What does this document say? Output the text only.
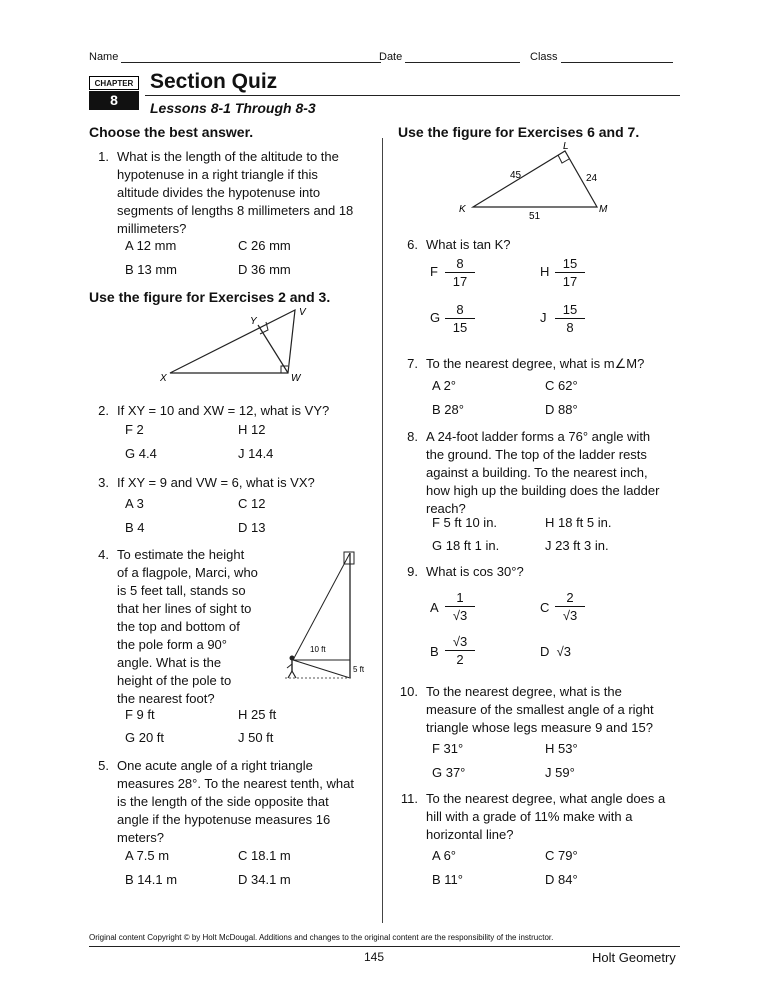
Name	Date	Class
CHAPTER
8
Section Quiz
Lessons 8-1 Through 8-3
Choose the best answer.
1. What is the length of the altitude to the
hypotenuse in a right triangle if this
altitude divides the hypotenuse into
segments of lengths 8 millimeters and 18
millimeters?
A 12 mm	C 26 mm
B 13 mm	D 36 mm
Use the figure for Exercises 2 and 3.
V
Y
X	W
2. If XY = 10 and XW = 12, what is VY?
F 2	H 12
G 4.4	J 14.4
3. If XY = 9 and VW = 6, what is VX?
A 3	C 12
B 4	D 13
4. To estimate the height
of a flagpole, Marci, who
is 5 feet tall, stands so
that her lines of sight to
the top and bottom of
the pole form a 90°
angle. What is the
height of the pole to
the nearest foot?
10 ft
5 ft
F 9 ft	H 25 ft
G 20 ft	J 50 ft
5. One acute angle of a right triangle
measures 28°. To the nearest tenth, what
is the length of the side opposite that
angle if the hypotenuse measures 16
meters?
A 7.5 m	C 18.1 m
B 14.1 m	D 34.1 m
Use the figure for Exercises 6 and 7.
L
45	24
K
51
M
6. What is tan K?
F $\frac{8}{17}$	H $\frac{15}{17}$
G $\frac{8}{15}$	J $\frac{15}{8}$
7. To the nearest degree, what is m∠M?
A 2°	C 62°
B 28°	D 88°
8. A 24-foot ladder forms a 76° angle with
the ground. The top of the ladder rests
against a building. To the nearest inch,
how high up the building does the ladder
reach?
F 5 ft 10 in.	H 18 ft 5 in.
G 18 ft 1 in.	J 23 ft 3 in.
9. What is cos 30°?
A $\frac{1}{√3}$	C $\frac{2}{√3}$
B $\frac{√3}{2}$	D √3
10. To the nearest degree, what is the
measure of the smallest angle of a right
triangle whose legs measure 9 and 15?
F 31°	H 53°
G 37°	J 59°
11. To the nearest degree, what angle does a
hill with a grade of 11% make with a
horizontal line?
A 6°	C 79°
B 11°	D 84°
Original content Copyright © by Holt McDougal. Additions and changes to the original content are the responsibility of the instructor.
145	Holt Geometry
